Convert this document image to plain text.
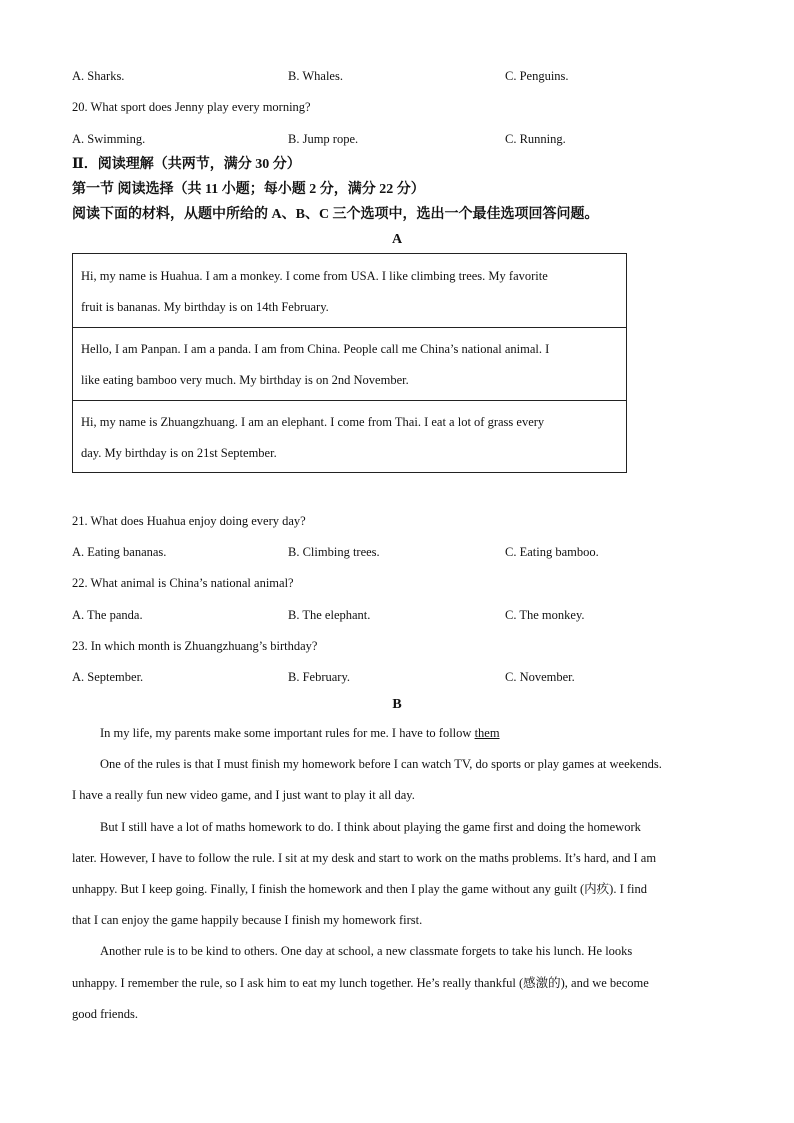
A. Sharks.	B. Whales.	C. Penguins.
20. What sport does Jenny play every morning?
A. Swimming.	B. Jump rope.	C. Running.
Ⅱ．阅读理解（共两节，满分 30 分）
第一节 阅读选择（共 11 小题；每小题 2 分，满分 22 分）
阅读下面的材料，从题中所给的 A、B、C 三个选项中，选出一个最佳选项回答问题。
A
Hi, my name is Huahua. I am a monkey. I come from USA. I like climbing trees. My favorite
fruit is bananas. My birthday is on 14th February.
Hello, I am Panpan. I am a panda. I am from China. People call me China’s national animal. I
like eating bamboo very much. My birthday is on 2nd November.
Hi, my name is Zhuangzhuang. I am an elephant. I come from Thai. I eat a lot of grass every
day. My birthday is on 21st September.
21. What does Huahua enjoy doing every day?
A. Eating bananas.	B. Climbing trees.	C. Eating bamboo.
22. What animal is China’s national animal?
A. The panda.	B. The elephant.	C. The monkey.
23. In which month is Zhuangzhuang’s birthday?
A. September.	B. February.	C. November.
B
In my life, my parents make some important rules for me. I have to follow them
One of the rules is that I must finish my homework before I can watch TV, do sports or play games at weekends.
I have a really fun new video game, and I just want to play it all day.
But I still have a lot of maths homework to do. I think about playing the game first and doing the homework
later. However, I have to follow the rule. I sit at my desk and start to work on the maths problems. It’s hard, and I am
unhappy. But I keep going. Finally, I finish the homework and then I play the game without any guilt (内疚). I find
that I can enjoy the game happily because I finish my homework first.
Another rule is to be kind to others. One day at school, a new classmate forgets to take his lunch. He looks
unhappy. I remember the rule, so I ask him to eat my lunch together. He’s really thankful (感激的), and we become
good friends.
